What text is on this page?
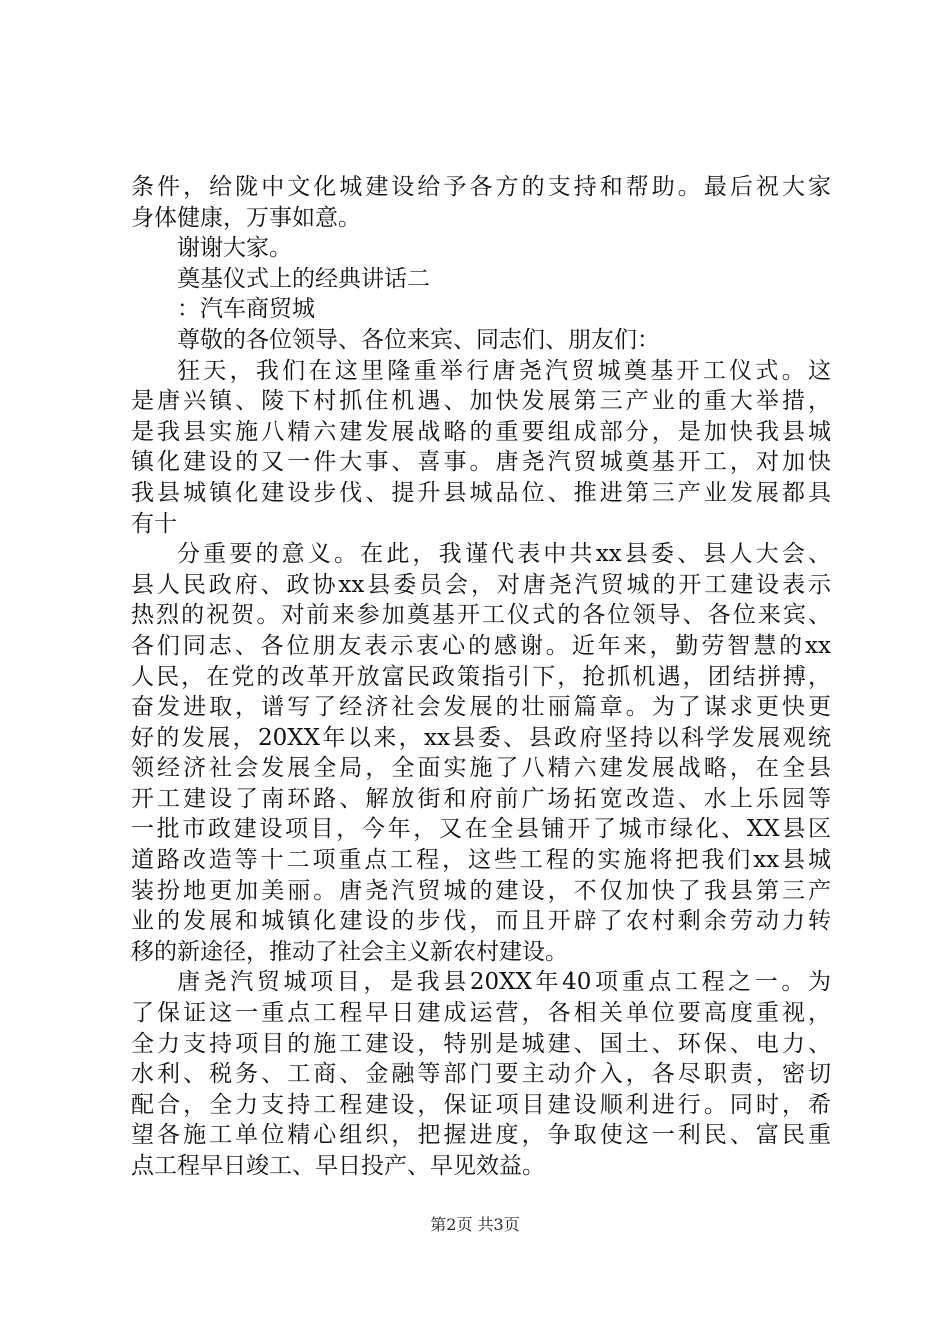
条件，给陇中文化城建设给予各方的支持和帮助。最后祝大家
身体健康，万事如意。
谢谢大家。
奠基仪式上的经典讲话二
：汽车商贸城
尊敬的各位领导、各位来宾、同志们、朋友们：
狂天，我们在这里隆重举行唐尧汽贸城奠基开工仪式。这
是唐兴镇、陵下村抓住机遇、加快发展第三产业的重大举措，
是我县实施八精六建发展战略的重要组成部分，是加快我县城
镇化建设的又一件大事、喜事。唐尧汽贸城奠基开工，对加快
我县城镇化建设步伐、提升县城品位、推进第三产业发展都具
有十
分重要的意义。在此，我谨代表中共xx县委、县人大会、
县人民政府、政协xx县委员会，对唐尧汽贸城的开工建设表示
热烈的祝贺。对前来参加奠基开工仪式的各位领导、各位来宾、
各们同志、各位朋友表示衷心的感谢。近年来，勤劳智慧的xx
人民，在党的改革开放富民政策指引下，抢抓机遇，团结拼搏，
奋发进取，谱写了经济社会发展的壮丽篇章。为了谋求更快更
好的发展，20XX年以来，xx县委、县政府坚持以科学发展观统
领经济社会发展全局，全面实施了八精六建发展战略，在全县
开工建设了南环路、解放街和府前广场拓宽改造、水上乐园等
一批市政建设项目，今年，又在全县铺开了城市绿化、XX县区
道路改造等十二项重点工程，这些工程的实施将把我们xx县城
装扮地更加美丽。唐尧汽贸城的建设，不仅加快了我县第三产
业的发展和城镇化建设的步伐，而且开辟了农村剩余劳动力转
移的新途径，推动了社会主义新农村建设。
唐尧汽贸城项目，是我县20XX年40项重点工程之一。为
了保证这一重点工程早日建成运营，各相关单位要高度重视，
全力支持项目的施工建设，特别是城建、国土、环保、电力、
水利、税务、工商、金融等部门要主动介入，各尽职责，密切
配合，全力支持工程建设，保证项目建设顺利进行。同时，希
望各施工单位精心组织，把握进度，争取使这一利民、富民重
点工程早日竣工、早日投产、早见效益。
第2页 共3页
